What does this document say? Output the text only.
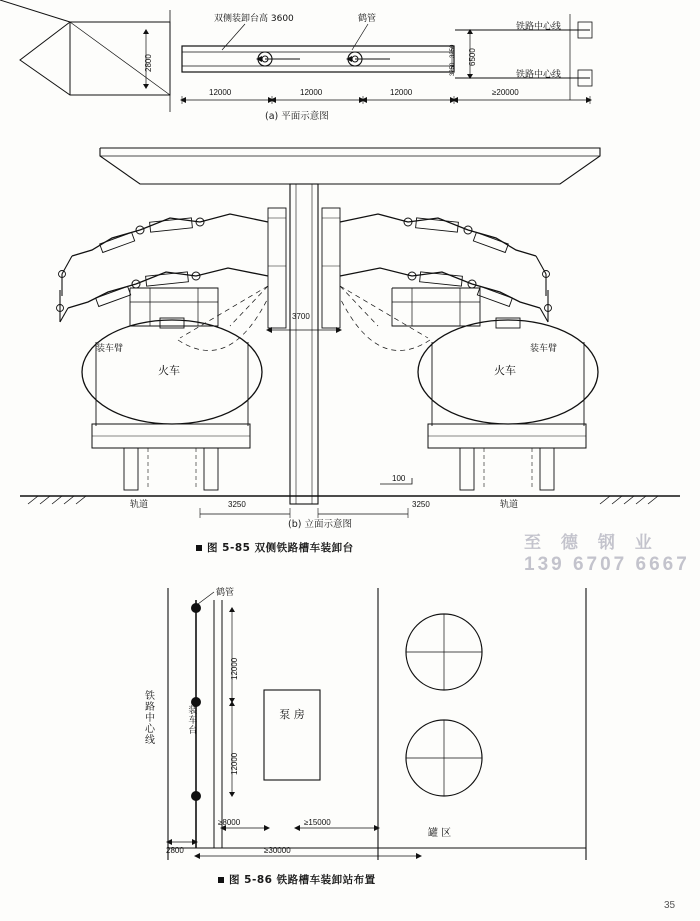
双侧装卸台高 3600	鹤管
铁路中心线
铁路中心线
2800	6500
3250
3250
12000	12000	12000	≥20000
(a) 平面示意图
装车臂	装车臂
火车	火车
3700
100
轨道	轨道
3250	3250
(b) 立面示意图
图 5-85 双侧铁路槽车装卸台	至 德 钢 业
139 6707 6667
鹤管
铁路中心线	装车台	泵 房
罐 区
12000
12000
≥8000	≥15000
≥30000
2800
图 5-86 铁路槽车装卸站布置
35
